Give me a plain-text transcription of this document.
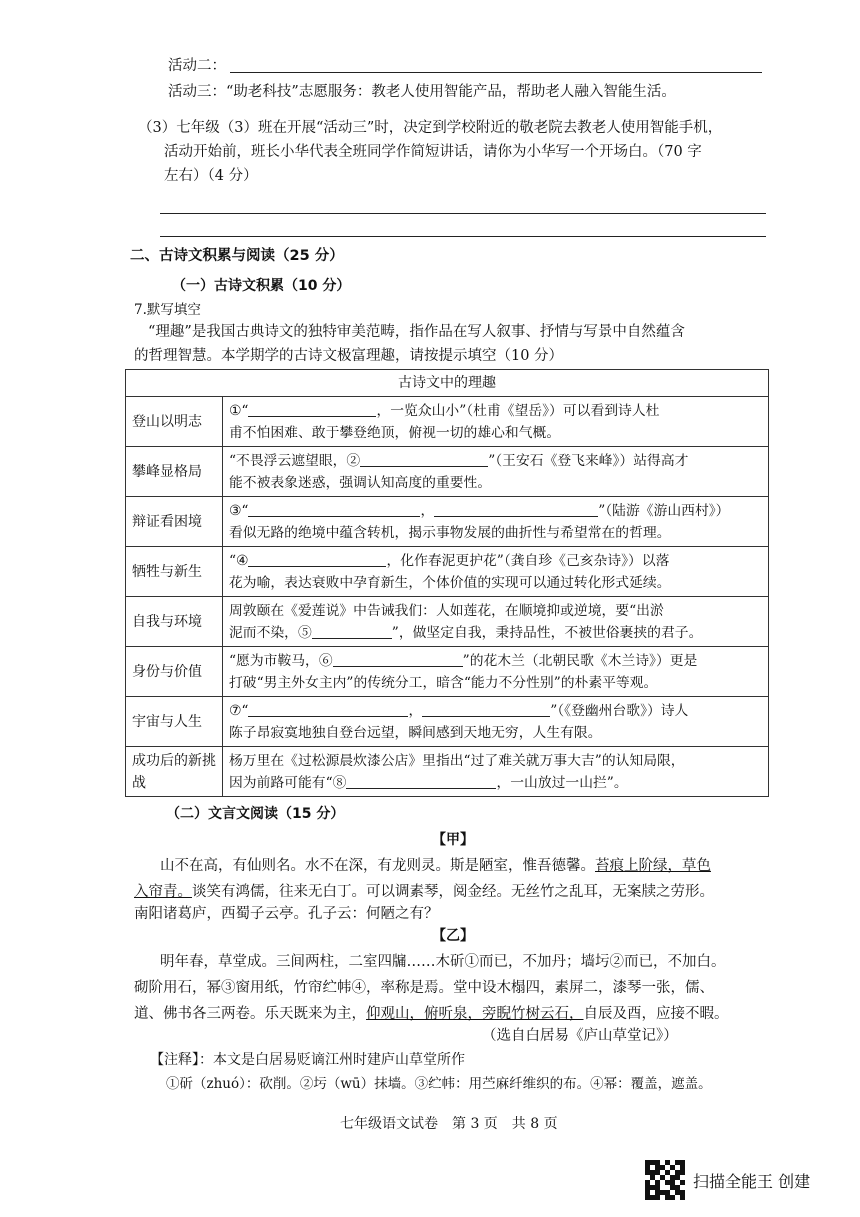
活动二：
活动三：“助老科技”志愿服务：教老人使用智能产品，帮助老人融入智能生活。
（3）七年级（3）班在开展“活动三”时，决定到学校附近的敬老院去教老人使用智能手机，
活动开始前，班长小华代表全班同学作简短讲话，请你为小华写一个开场白。（70 字
左右）（4 分）
二、古诗文积累与阅读（25 分）
（一）古诗文积累（10 分）
7.默写填空
“理趣”是我国古典诗文的独特审美范畴，指作品在写人叙事、抒情与写景中自然蕴含
的哲理智慧。本学期学的古诗文极富理趣，请按提示填空（10 分）
古诗文中的理趣	
登山以明志	①“ ，一览众山小”（杜甫《望岳》）可以看到诗人杜
甫不怕困难、敢于攀登绝顶，俯视一切的雄心和气概。
攀峰显格局	“不畏浮云遮望眼，② ”（王安石《登飞来峰》）站得高才
能不被表象迷惑，强调认知高度的重要性。
辩证看困境	③“ ， ”（陆游《游山西村》）
看似无路的绝境中蕴含转机，揭示事物发展的曲折性与希望常在的哲理。
牺牲与新生	“④ ，化作春泥更护花”（龚自珍《己亥杂诗》）以落
花为喻，表达衰败中孕育新生，个体价值的实现可以通过转化形式延续。
自我与环境	周敦颐在《爱莲说》中告诫我们：人如莲花，在顺境抑或逆境，要“出淤
泥而不染，⑤ ”，做坚定自我，秉持品性，不被世俗裹挟的君子。
身份与价值	“愿为市鞍马，⑥ ”的花木兰（北朝民歌《木兰诗》）更是
打破“男主外女主内”的传统分工，暗含“能力不分性别”的朴素平等观。
宇宙与人生	⑦“ ， ”（《登幽州台歌》）诗人
陈子昂寂寞地独自登台远望，瞬间感到天地无穷，人生有限。
成功后的新挑战	杨万里在《过松源晨炊漆公店》里指出“过了难关就万事大吉”的认知局限，
因为前路可能有“⑧ ，一山放过一山拦”。
（二）文言文阅读（15 分）
【甲】
山不在高，有仙则名。水不在深，有龙则灵。斯是陋室，惟吾德馨。苔痕上阶绿，草色
入帘青。谈笑有鸿儒，往来无白丁。可以调素琴，阅金经。无丝竹之乱耳，无案牍之劳形。
南阳诸葛庐，西蜀子云亭。孔子云：何陋之有？
【乙】
明年春，草堂成。三间两柱，二室四牖……木斫①而已，不加丹；墙圬②而已，不加白。
砌阶用石，幂③窗用纸，竹帘纻帏④，率称是焉。堂中设木榻四，素屏二，漆琴一张，儒、
道、佛书各三两卷。乐天既来为主，仰观山，俯听泉，旁睨竹树云石，自辰及酉，应接不暇。
（选自白居易《庐山草堂记》）
【注释】：本文是白居易贬谪江州时建庐山草堂所作
①斫（zhuó）：砍削。②圬（wū）抹墙。③纻帏：用苎麻纤维织的布。④幂：覆盖，遮盖。
七年级语文试卷　第 3 页　共 8 页
扫描全能王 创建
